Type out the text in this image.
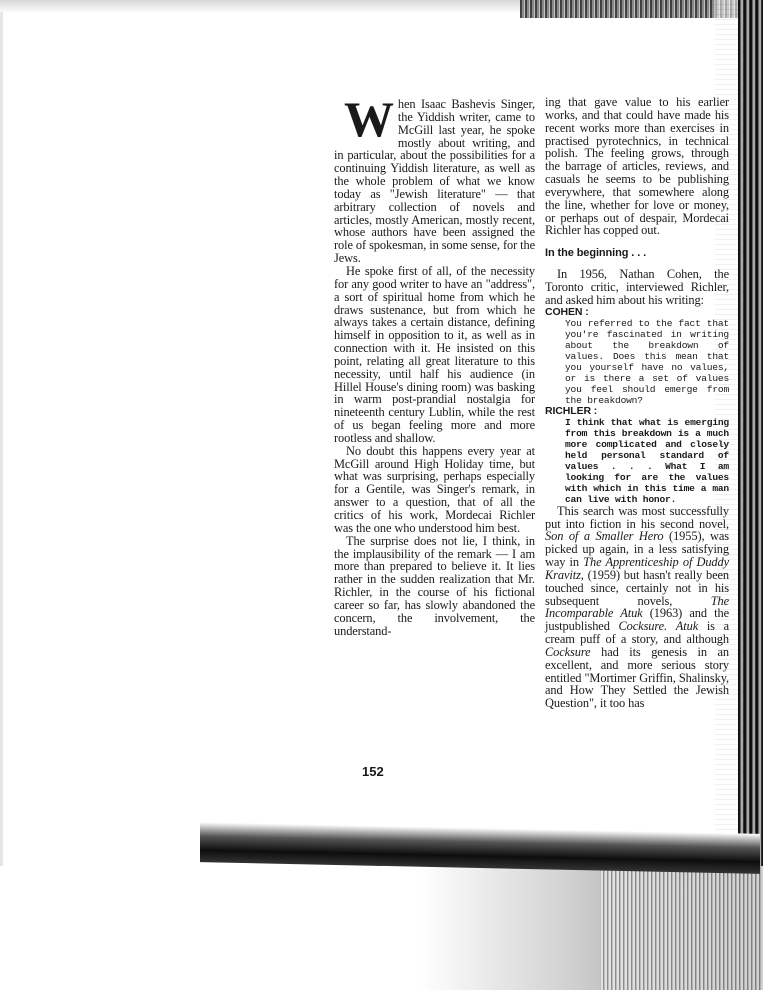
When Isaac Bashevis Singer, the Yiddish writer, came to McGill last year, he spoke mostly about writing, and in particular, about the possibilities for a continuing Yiddish literature, as well as the whole problem of what we know today as "Jewish literature" — that arbitrary collection of novels and articles, mostly American, mostly recent, whose authors have been assigned the role of spokesman, in some sense, for the Jews.

He spoke first of all, of the necessity for any good writer to have an "address", a sort of spiritual home from which he draws sustenance, but from which he always takes a certain distance, defining himself in opposition to it, as well as in connection with it. He insisted on this point, relating all great literature to this necessity, until half his audience (in Hillel House's dining room) was basking in warm post-prandial nostalgia for nineteenth century Lublin, while the rest of us began feeling more and more rootless and shallow.

No doubt this happens every year at McGill around High Holiday time, but what was surprising, perhaps especially for a Gentile, was Singer's remark, in answer to a question, that of all the critics of his work, Mordecai Richler was the one who understood him best.

The surprise does not lie, I think, in the implausibility of the remark — I am more than prepared to believe it. It lies rather in the sudden realization that Mr. Richler, in the course of his fictional career so far, has slowly abandoned the concern, the involvement, the understand-

ing that gave value to his earlier works, and that could have made his recent works more than exercises in practised pyrotechnics, in technical polish. The feeling grows, through the barrage of articles, reviews, and casuals he seems to be publishing everywhere, that somewhere along the line, whether for love or money, or perhaps out of despair, Mordecai Richler has copped out.

In the beginning . . .

In 1956, Nathan Cohen, the Toronto critic, interviewed Richler, and asked him about his writing:

COHEN :
You referred to the fact that you're fascinated in writing about the breakdown of values. Does this mean that you yourself have no values, or is there a set of values you feel should emerge from the breakdown?
RICHLER :
I think that what is emerging from this breakdown is a much more complicated and closely held personal standard of values . . . What I am looking for are the values with which in this time a man can live with honor.

This search was most successfully put into fiction in his second novel, Son of a Smaller Hero (1955), was picked up again, in a less satisfying way in The Apprenticeship of Duddy Kravitz, (1959) but hasn't really been touched since, certainly not in his subsequent novels,	The Incomparable Atuk (1963) and the justpublished Cocksure. Atuk is a cream puff of a story, and although Cocksure had its genesis in an excellent, and more serious story entitled "Mortimer Griffin, Shalinsky, and How They Settled the Jewish Question", it too has

152
